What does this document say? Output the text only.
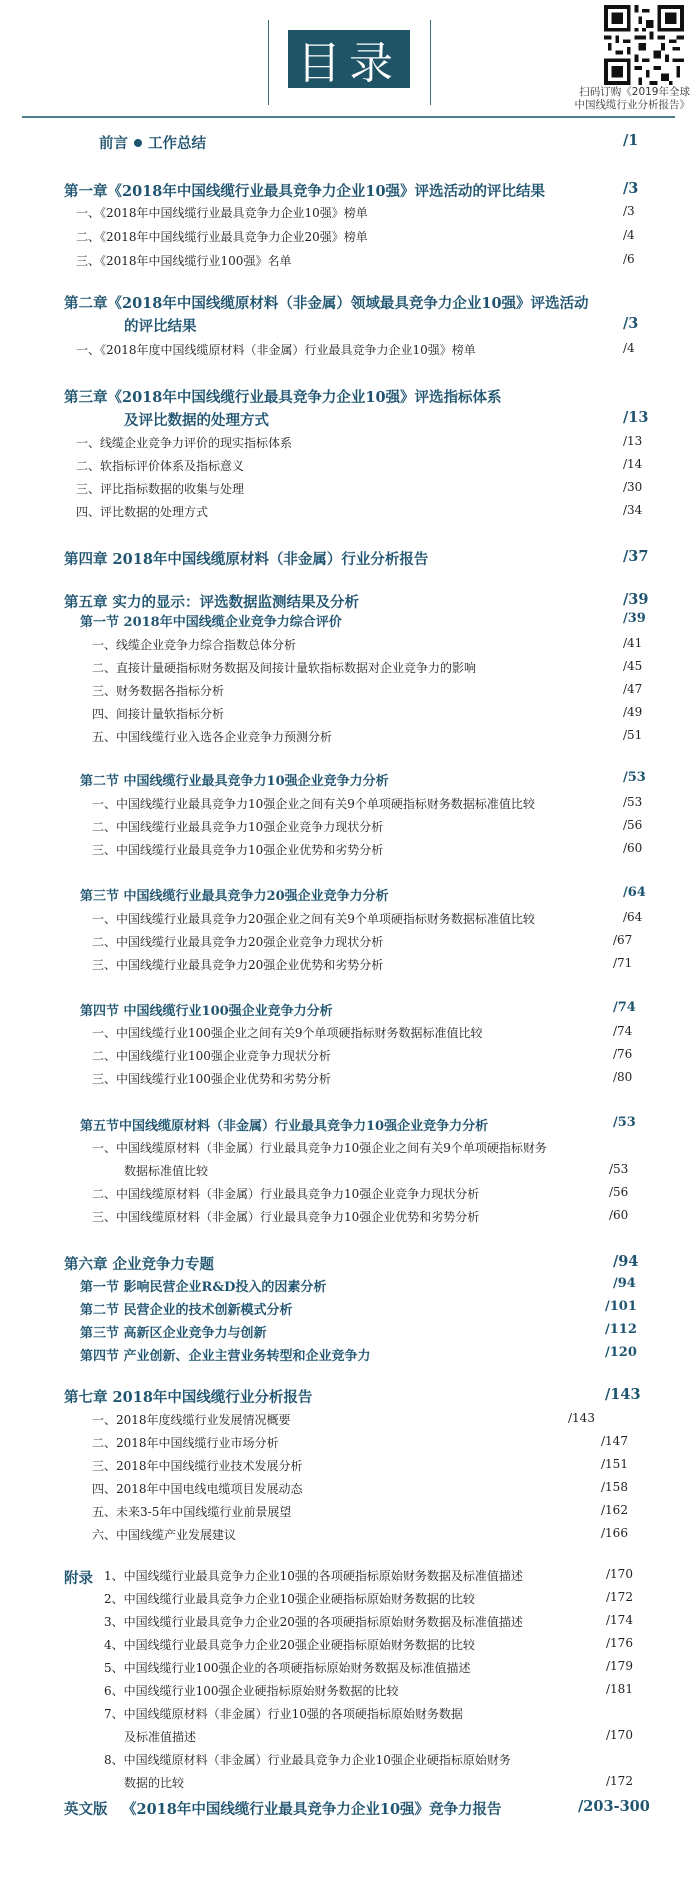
目录
扫码订购《2019年全球
中国线缆行业分析报告》
前言 工作总结	/1
第一章《2018年中国线缆行业最具竞争力企业10强》评选活动的评比结果	/3
一、《2018年中国线缆行业最具竞争力企业10强》榜单	/3
二、《2018年中国线缆行业最具竞争力企业20强》榜单	/4
三、《2018年中国线缆行业100强》名单	/6
第二章《2018年中国线缆原材料（非金属）领域最具竞争力企业10强》评选活动
的评比结果	/3
一、《2018年度中国线缆原材料（非金属）行业最具竞争力企业10强》榜单	/4
第三章《2018年中国线缆行业最具竞争力企业10强》评选指标体系
及评比数据的处理方式	/13
一、线缆企业竞争力评价的现实指标体系	/13
二、软指标评价体系及指标意义	/14
三、评比指标数据的收集与处理	/30
四、评比数据的处理方式	/34
第四章 2018年中国线缆原材料（非金属）行业分析报告	/37
第五章 实力的显示：评选数据监测结果及分析	/39
第一节 2018年中国线缆企业竞争力综合评价	/39
一、线缆企业竞争力综合指数总体分析	/41
二、直接计量硬指标财务数据及间接计量软指标数据对企业竞争力的影响	/45
三、财务数据各指标分析	/47
四、间接计量软指标分析	/49
五、中国线缆行业入选各企业竞争力预测分析	/51
第二节 中国线缆行业最具竞争力10强企业竞争力分析	/53
一、中国线缆行业最具竞争力10强企业之间有关9个单项硬指标财务数据标准值比较	/53
二、中国线缆行业最具竞争力10强企业竞争力现状分析	/56
三、中国线缆行业最具竞争力10强企业优势和劣势分析	/60
第三节 中国线缆行业最具竞争力20强企业竞争力分析	/64
一、中国线缆行业最具竞争力20强企业之间有关9个单项硬指标财务数据标准值比较	/64
二、中国线缆行业最具竞争力20强企业竞争力现状分析	/67
三、中国线缆行业最具竞争力20强企业优势和劣势分析	/71
第四节 中国线缆行业100强企业竞争力分析	/74
一、中国线缆行业100强企业之间有关9个单项硬指标财务数据标准值比较	/74
二、中国线缆行业100强企业竞争力现状分析	/76
三、中国线缆行业100强企业优势和劣势分析	/80
第五节中国线缆原材料（非金属）行业最具竞争力10强企业竞争力分析	/53
一、中国线缆原材料（非金属）行业最具竞争力10强企业之间有关9个单项硬指标财务
数据标准值比较	/53
二、中国线缆原材料（非金属）行业最具竞争力10强企业竞争力现状分析	/56
三、中国线缆原材料（非金属）行业最具竞争力10强企业优势和劣势分析	/60
第六章 企业竞争力专题	/94
第一节 影响民营企业R&D投入的因素分析	/94
第二节 民营企业的技术创新模式分析	/101
第三节 高新区企业竞争力与创新	/112
第四节 产业创新、企业主营业务转型和企业竞争力	/120
第七章 2018年中国线缆行业分析报告	/143
一、2018年度线缆行业发展情况概要	/143
二、2018年中国线缆行业市场分析	/147
三、2018年中国线缆行业技术发展分析	/151
四、2018年中国电线电缆项目发展动态	/158
五、未来3-5年中国线缆行业前景展望	/162
六、中国线缆产业发展建议	/166
附录 1、中国线缆行业最具竞争力企业10强的各项硬指标原始财务数据及标准值描述	/170
2、中国线缆行业最具竞争力企业10强企业硬指标原始财务数据的比较	/172
3、中国线缆行业最具竞争力企业20强的各项硬指标原始财务数据及标准值描述	/174
4、中国线缆行业最具竞争力企业20强企业硬指标原始财务数据的比较	/176
5、中国线缆行业100强企业的各项硬指标原始财务数据及标准值描述	/179
6、中国线缆行业100强企业硬指标原始财务数据的比较	/181
7、中国线缆原材料（非金属）行业10强的各项硬指标原始财务数据
及标准值描述	/170
8、中国线缆原材料（非金属）行业最具竞争力企业10强企业硬指标原始财务
数据的比较	/172
英文版 《2018年中国线缆行业最具竞争力企业10强》竞争力报告	/203-300
